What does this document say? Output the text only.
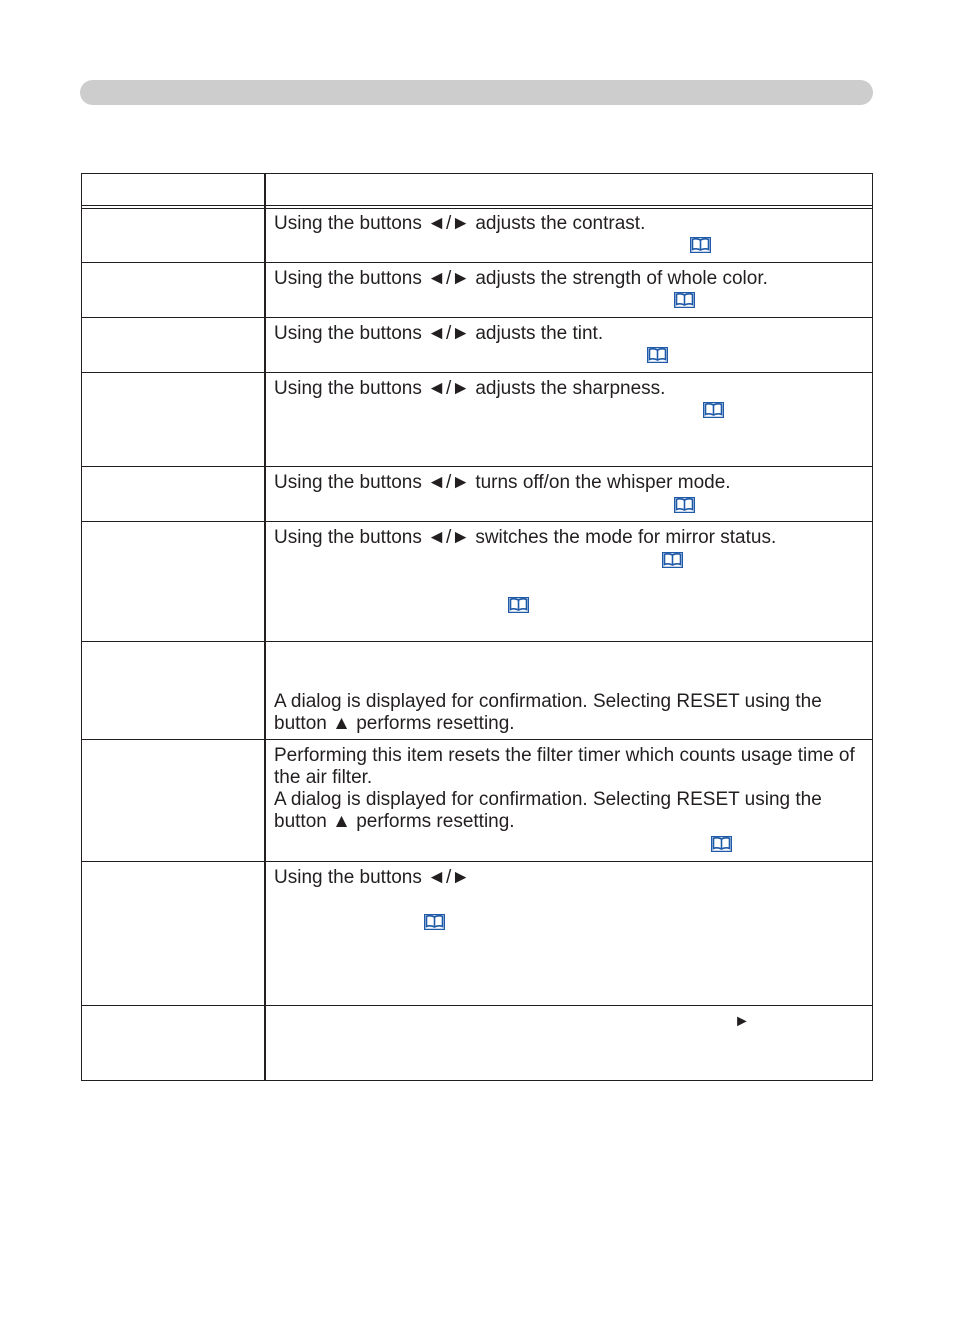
Using the buttons ◄/► adjusts the contrast.
Using the buttons ◄/► adjusts the strength of whole color.
Using the buttons ◄/► adjusts the tint.
Using the buttons ◄/► adjusts the sharpness.
Using the buttons ◄/► turns off/on the whisper mode.
Using the buttons ◄/► switches the mode for mirror status.
A dialog is displayed for confirmation. Selecting RESET using the button ▲ performs resetting.
Performing this item resets the filter timer which counts usage time of the air filter.
A dialog is displayed for confirmation. Selecting RESET using the button ▲ performs resetting.
Using the buttons ◄/►
►
